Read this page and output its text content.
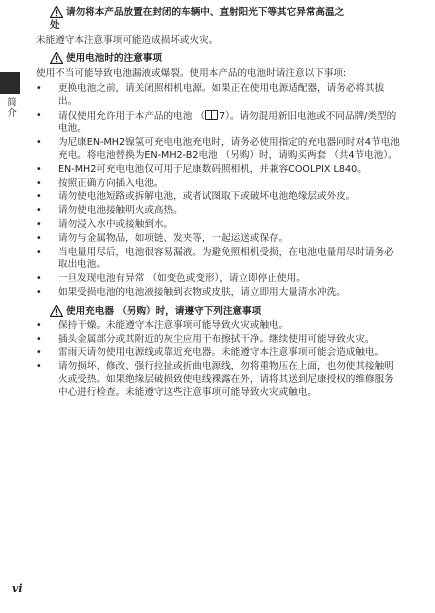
简介
请勿将本产品放置在封闭的车辆中、直射阳光下等其它异常高温之
处

未能遵守本注意事项可能造成损坏或火灾。

使用电池时的注意事项

使用不当可能导致电池漏液或爆裂。使用本产品的电池时请注意以下事项:

• 更换电池之前，请关闭照相机电源。如果正在使用电源适配器，请务必将其拔出。
• 请仅使用允许用于本产品的电池 （ 7）。请勿混用新旧电池或不同品牌/类型的电池。
• 为尼康EN-MH2镍氢可充电电池充电时，请务必使用指定的充电器同时对4节电池充电。将电池替换为EN-MH2-B2电池 （另购）时，请购买两套 （共4节电池）。
• EN-MH2可充电电池仅可用于尼康数码照相机，并兼容COOLPIX L840。
• 按照正确方向插入电池。
• 请勿使电池短路或拆解电池，或者试图取下或破坏电池绝缘层或外皮。
• 请勿使电池接触明火或高热。
• 请勿浸入水中或接触到水。
• 请勿与金属物品，如项链、发夹等，一起运送或保存。
• 当电量用尽后，电池很容易漏液。为避免照相机受损，在电池电量用尽时请务必取出电池。
• 一旦发现电池有异常 （如变色或变形），请立即停止使用。
• 如果受损电池的电池液接触到衣物或皮肤，请立即用大量清水冲洗。
使用充电器 （另购）时，请遵守下列注意事项
• 保持干燥。未能遵守本注意事项可能导致火灾或触电。
• 插头金属部分或其附近的灰尘应用干布擦拭干净。继续使用可能导致火灾。
• 雷雨天请勿使用电源线或靠近充电器。未能遵守本注意事项可能会造成触电。
• 请勿损坏、修改、强行拉扯或折曲电源线，勿将重物压在上面，也勿使其接触明火或受热。如果绝缘层破损致使电线裸露在外，请将其送到尼康授权的维修服务中心进行检查。未能遵守这些注意事项可能导致火灾或触电。
vi
